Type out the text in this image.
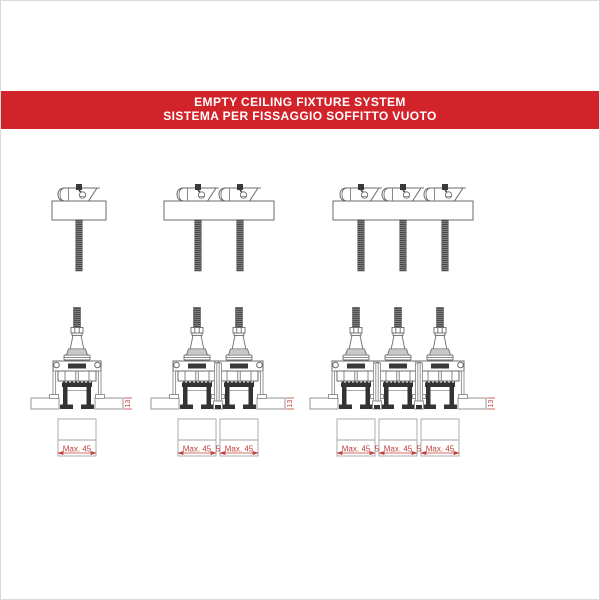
EMPTY CEILING FIXTURE SYSTEM
SISTEMA PER FISSAGGIO SOFFITTO VUOTO
13
Max. 45
13
Max. 45 5 Max. 45
13
Max. 45 5 Max. 45 5 Max. 45
